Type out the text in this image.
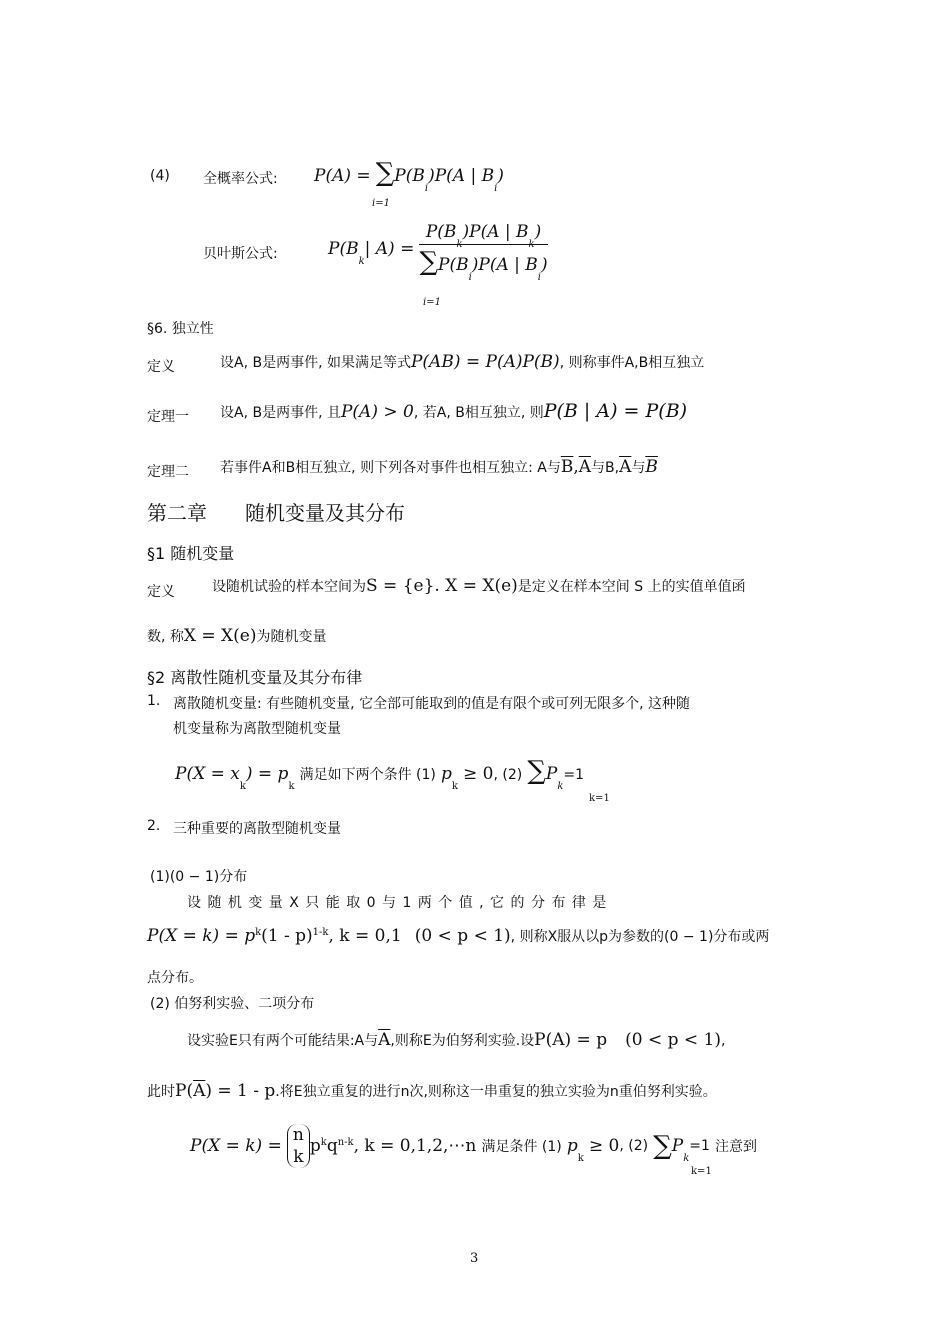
(4) 全概率公式: $P(A) = \sum P(B_i)P(A$ | $B_i$)
i=1
贝叶斯公式:	$P(B_k|$ $A) = \frac{P(B_k)P(A | B_k)}{\sum P(B_i)P(A | B_i)}$
i=1
§6. 独立性
定义	设A, B是两事件, 如果满足等式P(AB) = P(A)P(B), 则称事件A,B相互独立
定理一 设A, B是两事件, 且P(A) > 0, 若A, B相互独立, 则P(B | A) = P(B)
定理二 若事件A和B相互独立, 则下列各对事件也相互独立: A与$\overline{B},\overline{A}$与$B,\overline{A}$与$\overline{B}$
第二章 随机变量及其分布
§1 随机变量
定义	设随机试验的样本空间为S = {e}. X = X(e)是定义在样本空间 S 上的实值单值函
数, 称X = X(e)为随机变量
§2 离散性随机变量及其分布律
1. 离散随机变量: 有些随机变量, 它全部可能取到的值是有限个或可列无限多个, 这种随
机变量称为离散型随机变量
$P(X = x_k) = p_k$ 满足如下两个条件 (1) $p_k \ge 0$, (2) $\sum P_k=1$
k=1
2. 三种重要的离散型随机变量
(1)(0 − 1)分布
设 随 机 变 量 X 只 能 取 0 与 1 两 个 值 , 它 的 分 布 律 是
$P(X = k) = p^k(1 - p)^{1-k}$, k = 0,1 (0 < p < 1), 则称X服从以p为参数的(0 − 1)分布或两
点分布。
(2) 伯努利实验、二项分布
设实验E只有两个可能结果:A与$\overline{A}$,则称E为伯努利实验.设P(A) = p (0 < p < 1),
此时$P(\overline{A}) = 1 - p$.将E独立重复的进行n次,则称这一串重复的独立实验为n重伯努利实验。
P(X = k) =
n
k
$p^kq^{n-k}$, k = 0,1,2,⋯n 满足条件 (1) $p_k \ge 0$, (2) $\sum P_k=1$ 注意到
k=1
3
